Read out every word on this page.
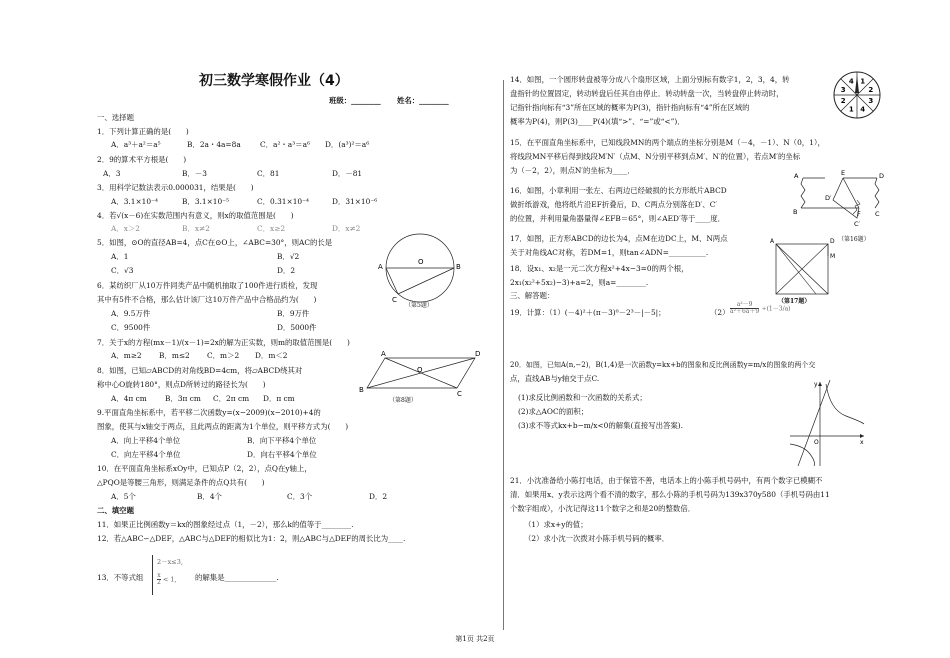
初三数学寒假作业（4）
班级：________ 姓名：________
一、选择题
1．下列计算正确的是(　　)
A．a³＋a²＝a⁵	B．2a・4a=8a	C．a²・a³＝a⁶ D．(a³)²＝a⁶
2．9的算术平方根是(　　)
A．3	B．－3	C．81	D．－81
3．用科学记数法表示0.000031，结果是(　　)
A．3.1×10⁻⁴	B．3.1×10⁻⁵	C．0.31×10⁻⁴	D．31×10⁻⁶
4．若√(x－6)在实数范围内有意义，则x的取值范围是(　　)
A．x＞2	B．x≠2	C．x≥2	D．x≠2
5．如图，⊙O的直径AB=4，点C在⊙O上，∠ABC=30°，则AC的长是
A．1	B．√2
C．√3	D．2
6．某纺织厂从10万件同类产品中随机抽取了100件进行质检，发现
其中有5件不合格，那么估计该厂这10万件产品中合格品约为(　　)
A．9.5万件	B．9万件
C．9500件	D．5000件
7．关于x的方程(mx－1)/(x－1)=2x的解为正实数，则m的取值范围是(　　)
A．m≥2 B．m≤2 C．m＞2 D．m＜2
8．如图，已知▱ABCD的对角线BD=4cm，将▱ABCD绕其对
称中心O旋转180°，则点D所转过的路径长为(　　)
A．4π cm B．3π cm C．2π cm D．π cm
9.平面直角坐标系中，若平移二次函数y=(x−2009)(x−2010)+4的
图象，使其与x轴交于两点，且此两点的距离为1个单位，则平移方式为(　　)
A．向上平移4个单位	B．向下平移4个单位
C．向左平移4个单位	D．向右平移4个单位
10．在平面直角坐标系xOy中，已知点P（2，2），点Q在y轴上，
△PQO是等腰三角形，则满足条件的点Q共有(　　)
A．5个	B．4个	C．3个	D．2
二、填空题
11．如果正比例函数y＝kx的图象经过点（1，－2），那么k的值等于________.
12．若△ABC∽△DEF，△ABC与△DEF的相似比为1：2，则△ABC与△DEF的周长比为____.
13．不等式组
2－x≤3,
$\frac{x}{2} < 1$, 的解集是______________.
A	B
O
C
（第5题）
A	D
B	C
O
（第8题）
14．如图，一个圆形转盘被等分成八个扇形区域，上面分别标有数字1，2，3，4，转
盘指针的位置固定，转动转盘后任其自由停止．转动转盘一次，当转盘停止转动时，
记指针指向标有“3”所在区域的概率为P(3)，指针指向标有“4”所在区域的
概率为P(4)，则P(3)____P(4)(填“>”、“=”或“<”)．
15．在平面直角坐标系中，已知线段MN的两个端点的坐标分别是M（－4，－1）、N（0，1），
将线段MN平移后得到线段M′N′（点M、N分别平移到点M′、N′的位置），若点M′的坐标
为（－2，2），则点N′的坐标为____．
16．如图，小章利用一张左、右两边已经破损的长方形纸片ABCD
做折纸游戏，他将纸片沿EF折叠后，D、C两点分别落在D′、C′
的位置，并利用量角器量得∠EFB＝65°，则∠AED′等于____度．
17．如图，正方形ABCD的边长为4，点M在边DC上，M、N两点
关于对角线AC对称，若DM=1，则tan∠ADN=__________.
18．设x₁、x₂是一元二次方程x²+4x−3=0的两个根，
2x₁(x₂²+5x₂)−3)+a=2，则a=________.
三、解答题：
19．计算：（1）(－4)²＋(π－3)⁰－2³－|－5|；	$(2) \frac{\text{a²－9}}{\text{a²＋6a＋9}} \div(1-3/a)$
20．如图，已知A(n,−2)，B(1,4)是一次函数y=kx+b的图象和反比例函数y=m/x的图象的两个交
点，直线AB与y轴交于点C.
(1)求反比例函数和一次函数的关系式；
(2)求△AOC的面积；
(3)求不等式kx+b−m/x<0的解集(直接写出答案).
21．小沈准备给小陈打电话，由于保管不善，电话本上的小陈手机号码中，有两个数字已模糊不
清．如果用x、y表示这两个看不清的数字，那么小陈的手机号码为139x370y580（手机号码由11
个数字组成），小沈记得这11个数字之和是20的整数倍．
（1）求x+y的值；
（2）求小沈一次拨对小陈手机号码的概率．
1
2
3
4
1
2
3
4
A	E	D
B	F C
D′
C′
（第16题）
A	D
M
（第17题）
x
y
O
第1页 共2页
